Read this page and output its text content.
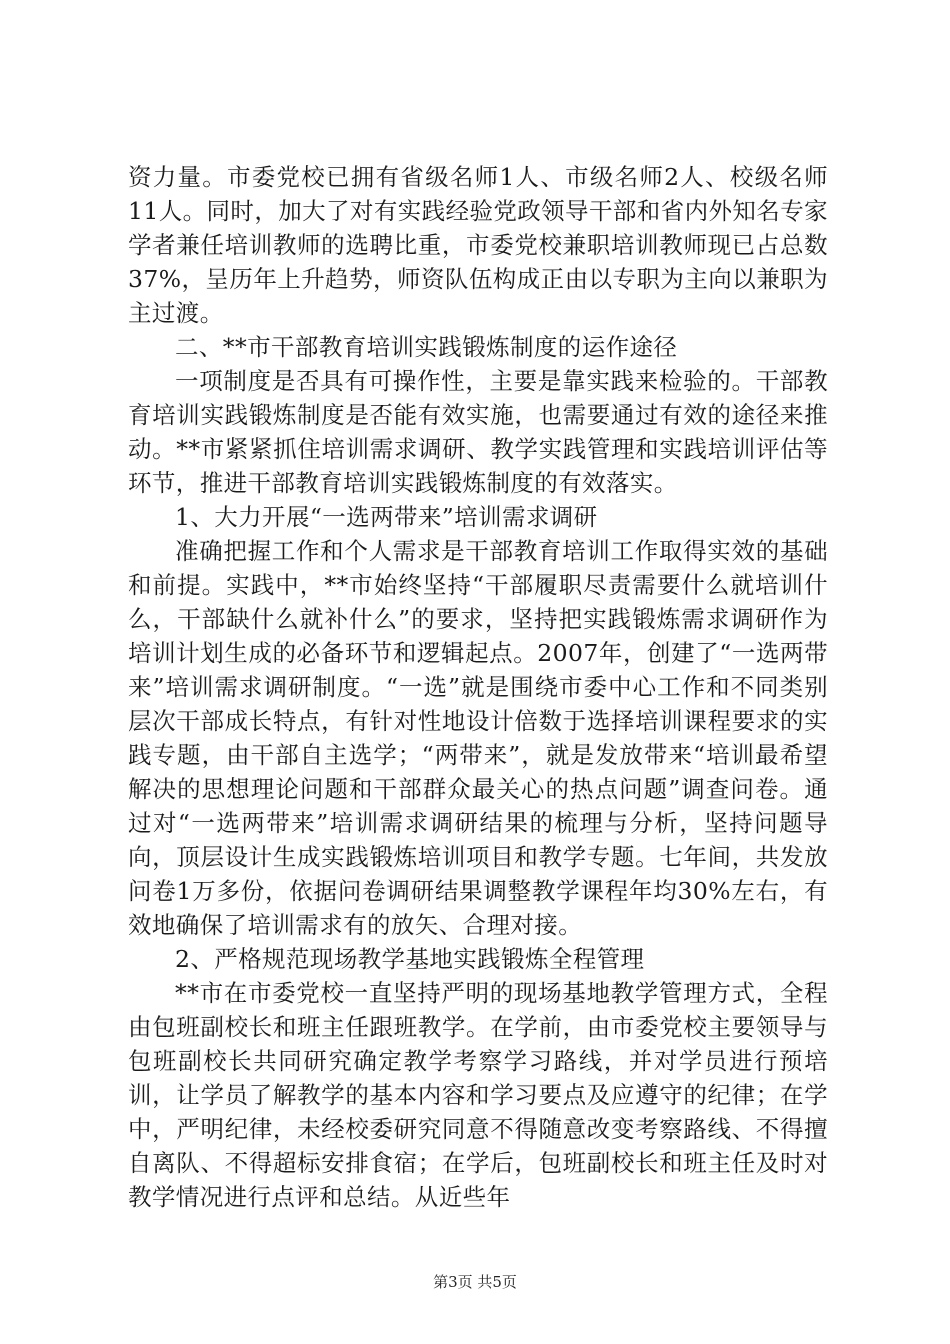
资力量。市委党校已拥有省级名师1人、市级名师2人、校级名师11人。同时，加大了对有实践经验党政领导干部和省内外知名专家学者兼任培训教师的选聘比重，市委党校兼职培训教师现已占总数37%，呈历年上升趋势，师资队伍构成正由以专职为主向以兼职为主过渡。

二、**市干部教育培训实践锻炼制度的运作途径

一项制度是否具有可操作性，主要是靠实践来检验的。干部教育培训实践锻炼制度是否能有效实施，也需要通过有效的途径来推动。**市紧紧抓住培训需求调研、教学实践管理和实践培训评估等环节，推进干部教育培训实践锻炼制度的有效落实。

1、大力开展“一选两带来”培训需求调研

准确把握工作和个人需求是干部教育培训工作取得实效的基础和前提。实践中，**市始终坚持“干部履职尽责需要什么就培训什么，干部缺什么就补什么”的要求，坚持把实践锻炼需求调研作为培训计划生成的必备环节和逻辑起点。2007年，创建了“一选两带来”培训需求调研制度。“一选”就是围绕市委中心工作和不同类别层次干部成长特点，有针对性地设计倍数于选择培训课程要求的实践专题，由干部自主选学；“两带来”，就是发放带来“培训最希望解决的思想理论问题和干部群众最关心的热点问题”调查问卷。通过对“一选两带来”培训需求调研结果的梳理与分析，坚持问题导向，顶层设计生成实践锻炼培训项目和教学专题。七年间，共发放问卷1万多份，依据问卷调研结果调整教学课程年均30%左右，有效地确保了培训需求有的放矢、合理对接。

2、严格规范现场教学基地实践锻炼全程管理

**市在市委党校一直坚持严明的现场基地教学管理方式，全程由包班副校长和班主任跟班教学。在学前，由市委党校主要领导与包班副校长共同研究确定教学考察学习路线，并对学员进行预培训，让学员了解教学的基本内容和学习要点及应遵守的纪律；在学中，严明纪律，未经校委研究同意不得随意改变考察路线、不得擅自离队、不得超标安排食宿；在学后，包班副校长和班主任及时对教学情况进行点评和总结。从近些年

第3页 共5页
